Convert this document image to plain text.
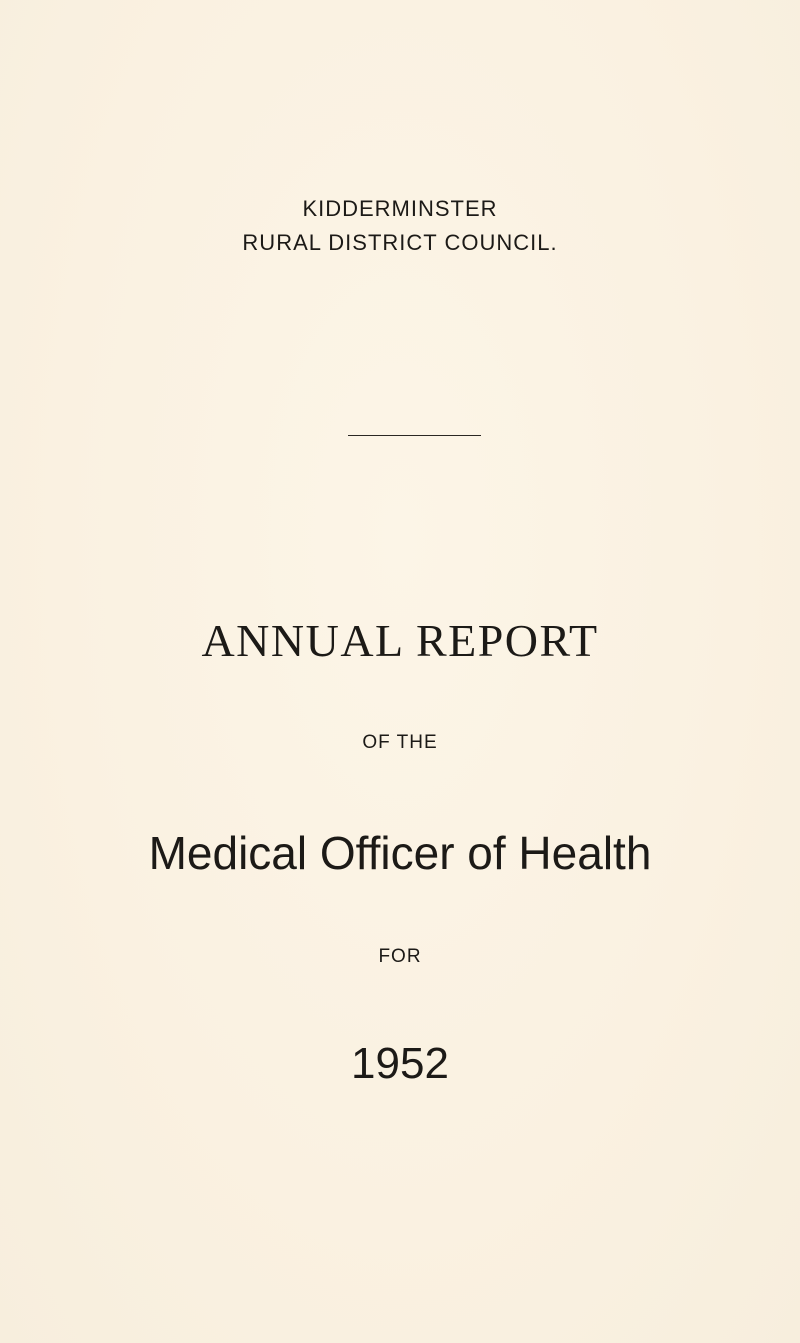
KIDDERMINSTER
RURAL DISTRICT COUNCIL.
ANNUAL REPORT
OF THE
Medical Officer of Health
FOR
1952
